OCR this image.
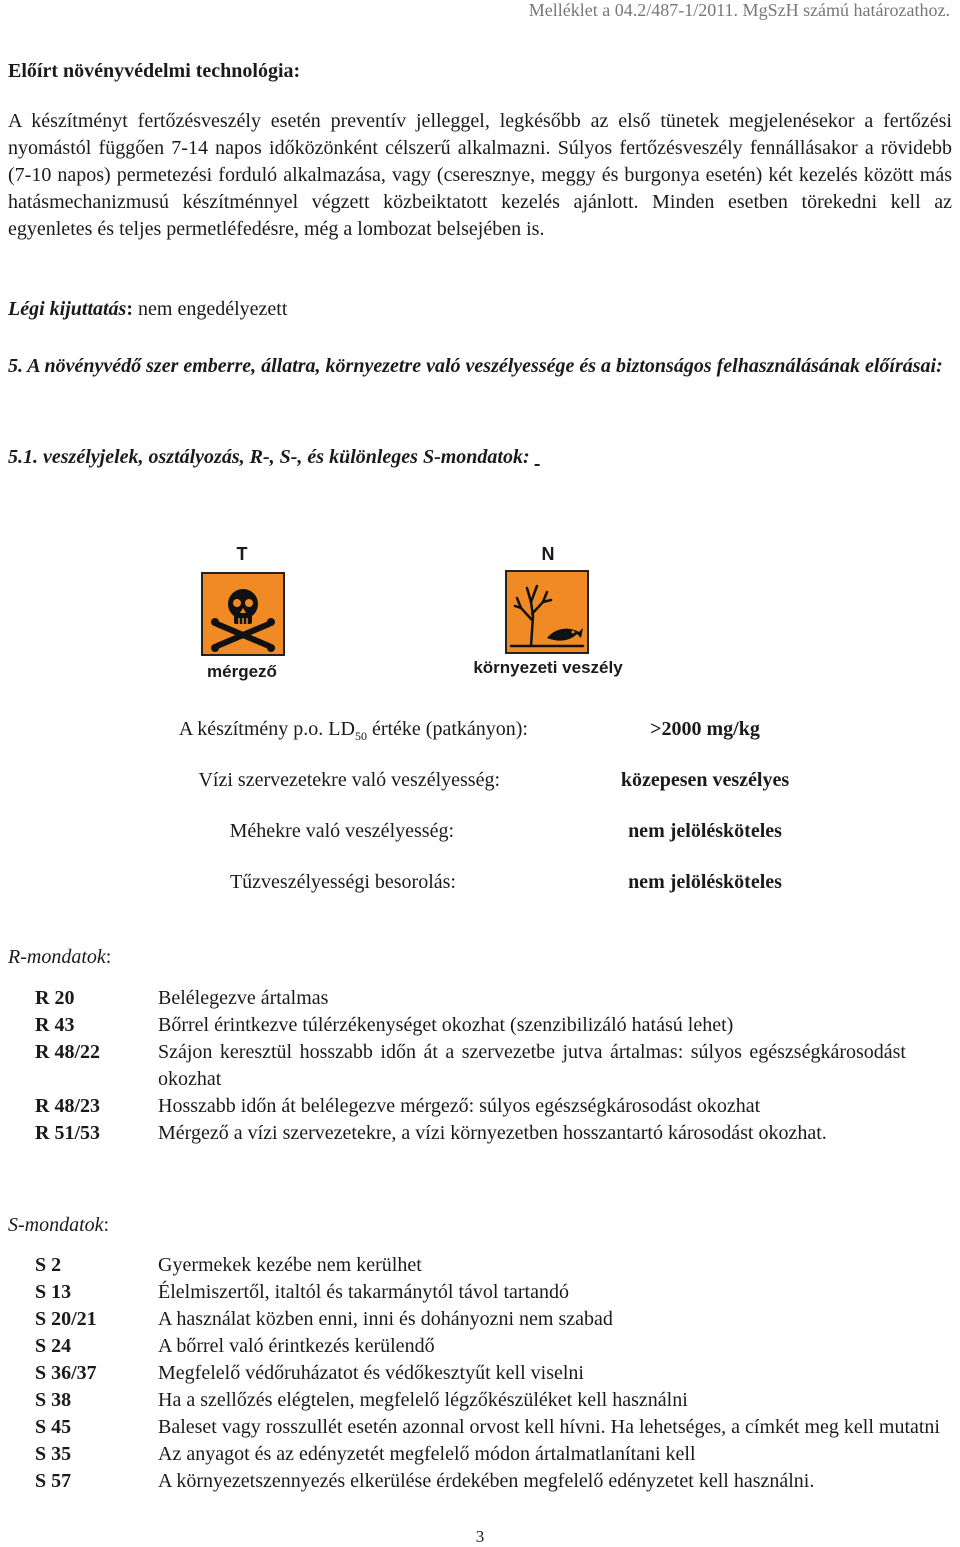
Melléklet a 04.2/487-1/2011. MgSzH számú határozathoz.
Előírt növényvédelmi technológia:
A készítményt fertőzésveszély esetén preventív jelleggel, legkésőbb az első tünetek megjelenésekor a fertőzési nyomástól függően 7-14 napos időközönként célszerű alkalmazni. Súlyos fertőzésveszély fennállásakor a rövidebb (7-10 napos) permetezési forduló alkalmazása, vagy (cseresznye, meggy és burgonya esetén) két kezelés között más hatásmechanizmusú készítménnyel végzett közbeiktatott kezelés ajánlott. Minden esetben törekedni kell az egyenletes és teljes permetléfedésre, még a lombozat belsejében is.
Légi kijuttatás: nem engedélyezett
5. A növényvédő szer emberre, állatra, környezetre való veszélyessége és a biztonságos felhasználásának előírásai:
5.1. veszélyjelek, osztályozás, R-, S-, és különleges S-mondatok:
T
mérgező
N
környezeti veszély
A készítmény p.o. $LD_{50}$ értéke (patkányon):	>2000 mg/kg
Vízi szervezetekre való veszélyesség:	közepesen veszélyes
Méhekre való veszélyesség:	nem jelölésköteles
Tűzveszélyességi besorolás:	nem jelölésköteles
R-mondatok:
R 20	Belélegezve ártalmas
R 43	Bőrrel érintkezve túlérzékenységet okozhat (szenzibilizáló hatású lehet)
R 48/22	Szájon keresztül hosszabb időn át a szervezetbe jutva ártalmas: súlyos egészségkárosodást okozhat
R 48/23	Hosszabb időn át belélegezve mérgező: súlyos egészségkárosodást okozhat
R 51/53	Mérgező a vízi szervezetekre, a vízi környezetben hosszantartó károsodást okozhat.
S-mondatok:
S 2	Gyermekek kezébe nem kerülhet
S 13	Élelmiszertől, italtól és takarmánytól távol tartandó
S 20/21	A használat közben enni, inni és dohányozni nem szabad
S 24	A bőrrel való érintkezés kerülendő
S 36/37	Megfelelő védőruházatot és védőkesztyűt kell viselni
S 38	Ha a szellőzés elégtelen, megfelelő légzőkészüléket kell használni
S 45	Baleset vagy rosszullét esetén azonnal orvost kell hívni. Ha lehetséges, a címkét meg kell mutatni
S 35	Az anyagot és az edényzetét megfelelő módon ártalmatlanítani kell
S 57	A környezetszennyezés elkerülése érdekében megfelelő edényzetet kell használni.
3
